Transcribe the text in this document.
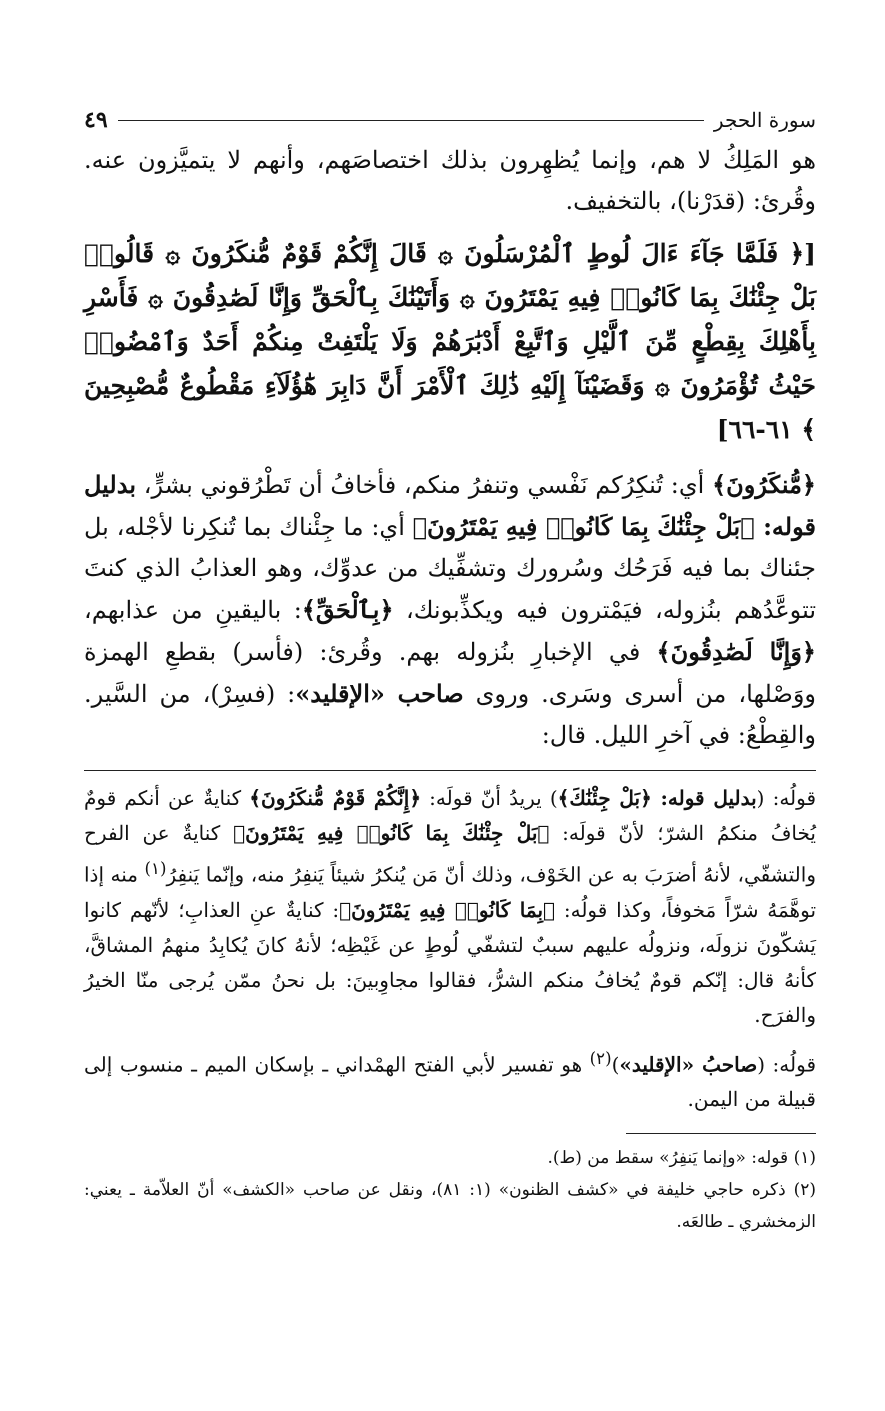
سورة الحجر
٤٩

هو المَلِكُ لا هم، وإنما يُظهِرون بذلك اختصاصَهم، وأنهم لا يتميَّزون عنه. وقُرئ: (قدَرْنا)، بالتخفيف.

[﴿ فَلَمَّا جَآءَ ءَالَ لُوطٍ ٱلْمُرْسَلُونَ ۞ قَالَ إِنَّكُمْ قَوْمٌ مُّنكَرُونَ ۞ قَالُوا۟ بَلْ جِئْنَٰكَ بِمَا كَانُوا۟ فِيهِ يَمْتَرُونَ ۞ وَأَتَيْنَٰكَ بِٱلْحَقِّ وَإِنَّا لَصَٰدِقُونَ ۞ فَأَسْرِ بِأَهْلِكَ بِقِطْعٍ مِّنَ ٱلَّيْلِ وَٱتَّبِعْ أَدْبَٰرَهُمْ وَلَا يَلْتَفِتْ مِنكُمْ أَحَدٌ وَٱمْضُوا۟ حَيْثُ تُؤْمَرُونَ ۞ وَقَضَيْنَآ إِلَيْهِ ذَٰلِكَ ٱلْأَمْرَ أَنَّ دَابِرَ هَٰٓؤُلَآءِ مَقْطُوعٌ مُّصْبِحِينَ ﴾ ٦١-٦٦]

﴿مُّنكَرُونَ﴾ أي: تُنكِرُكم نَفْسي وتنفرُ منكم، فأخافُ أن تَطْرُقوني بشرٍّ، بدليل قوله: ﴿بَلْ جِئْنَٰكَ بِمَا كَانُوا۟ فِيهِ يَمْتَرُونَ﴾ أي: ما جِئْناك بما تُنكِرنا لأجْله، بل جئناك بما فيه فَرَحُك وسُرورك وتشفِّيك من عدوِّك، وهو العذابُ الذي كنتَ تتوعَّدُهم بنُزوله، فيَمْترون فيه ويكذِّبونك، ﴿بِٱلْحَقِّ﴾: باليقينِ من عذابهم، ﴿وَإِنَّا لَصَٰدِقُونَ﴾ في الإخبارِ بنُزوله بهم. وقُرئ: (فأسر) بقطعِ الهمزة ووَصْلها، من أسرى وسَرى. وروى صاحب «الإقليد»: (فسِرْ)، من السَّير. والقِطْعُ: في آخرِ الليل. قال:

قولُه: (بدليل قوله: ﴿بَلْ جِئْنَٰكَ﴾) يريدُ أنّ قولَه: ﴿إِنَّكُمْ قَوْمٌ مُّنكَرُونَ﴾ كنايةٌ عن أنكم قومٌ يُخافُ منكمُ الشرّ؛ لأنّ قولَه: ﴿بَلْ جِئْنَٰكَ بِمَا كَانُوا۟ فِيهِ يَمْتَرُونَ﴾ كنايةٌ عن الفرح والتشفّي، لأنهُ أضرَبَ به عن الخَوْف، وذلك أنّ مَن يُنكرُ شيئاً يَنفِرُ منه، وإنّما يَنفِرُ$^{(١)}$ منه إذا توهَّمَهُ شرّاً مَخوفاً، وكذا قولُه: ﴿بِمَا كَانُوا۟ فِيهِ يَمْتَرُونَ﴾: كنايةٌ عنِ العذابِ؛ لأنّهم كانوا يَشكّونَ نزولَه، ونزولُه عليهم سببٌ لتشفّي لُوطٍ عن غَيْظِه؛ لأنهُ كانَ يُكابِدُ منهمُ المشاقَّ، كأنهُ قال: إنّكم قومٌ يُخافُ منكم الشرُّ، فقالوا مجاوِبينَ: بل نحنُ ممّن يُرجى منّا الخيرُ والفرَح.

قولُه: (صاحبُ «الإقليد»)$^{(٢)}$ هو تفسير لأبي الفتح الهمْداني ـ بإسكان الميم ـ منسوب إلى قبيلة من اليمن.

(١) قوله: «وإنما يَنفِرُ» سقط من (ط).

(٢) ذكره حاجي خليفة في «كشف الظنون» (١: ٨١)، ونقل عن صاحب «الكشف» أنّ العلاّمة ـ يعني: الزمخشري ـ طالعَه.
